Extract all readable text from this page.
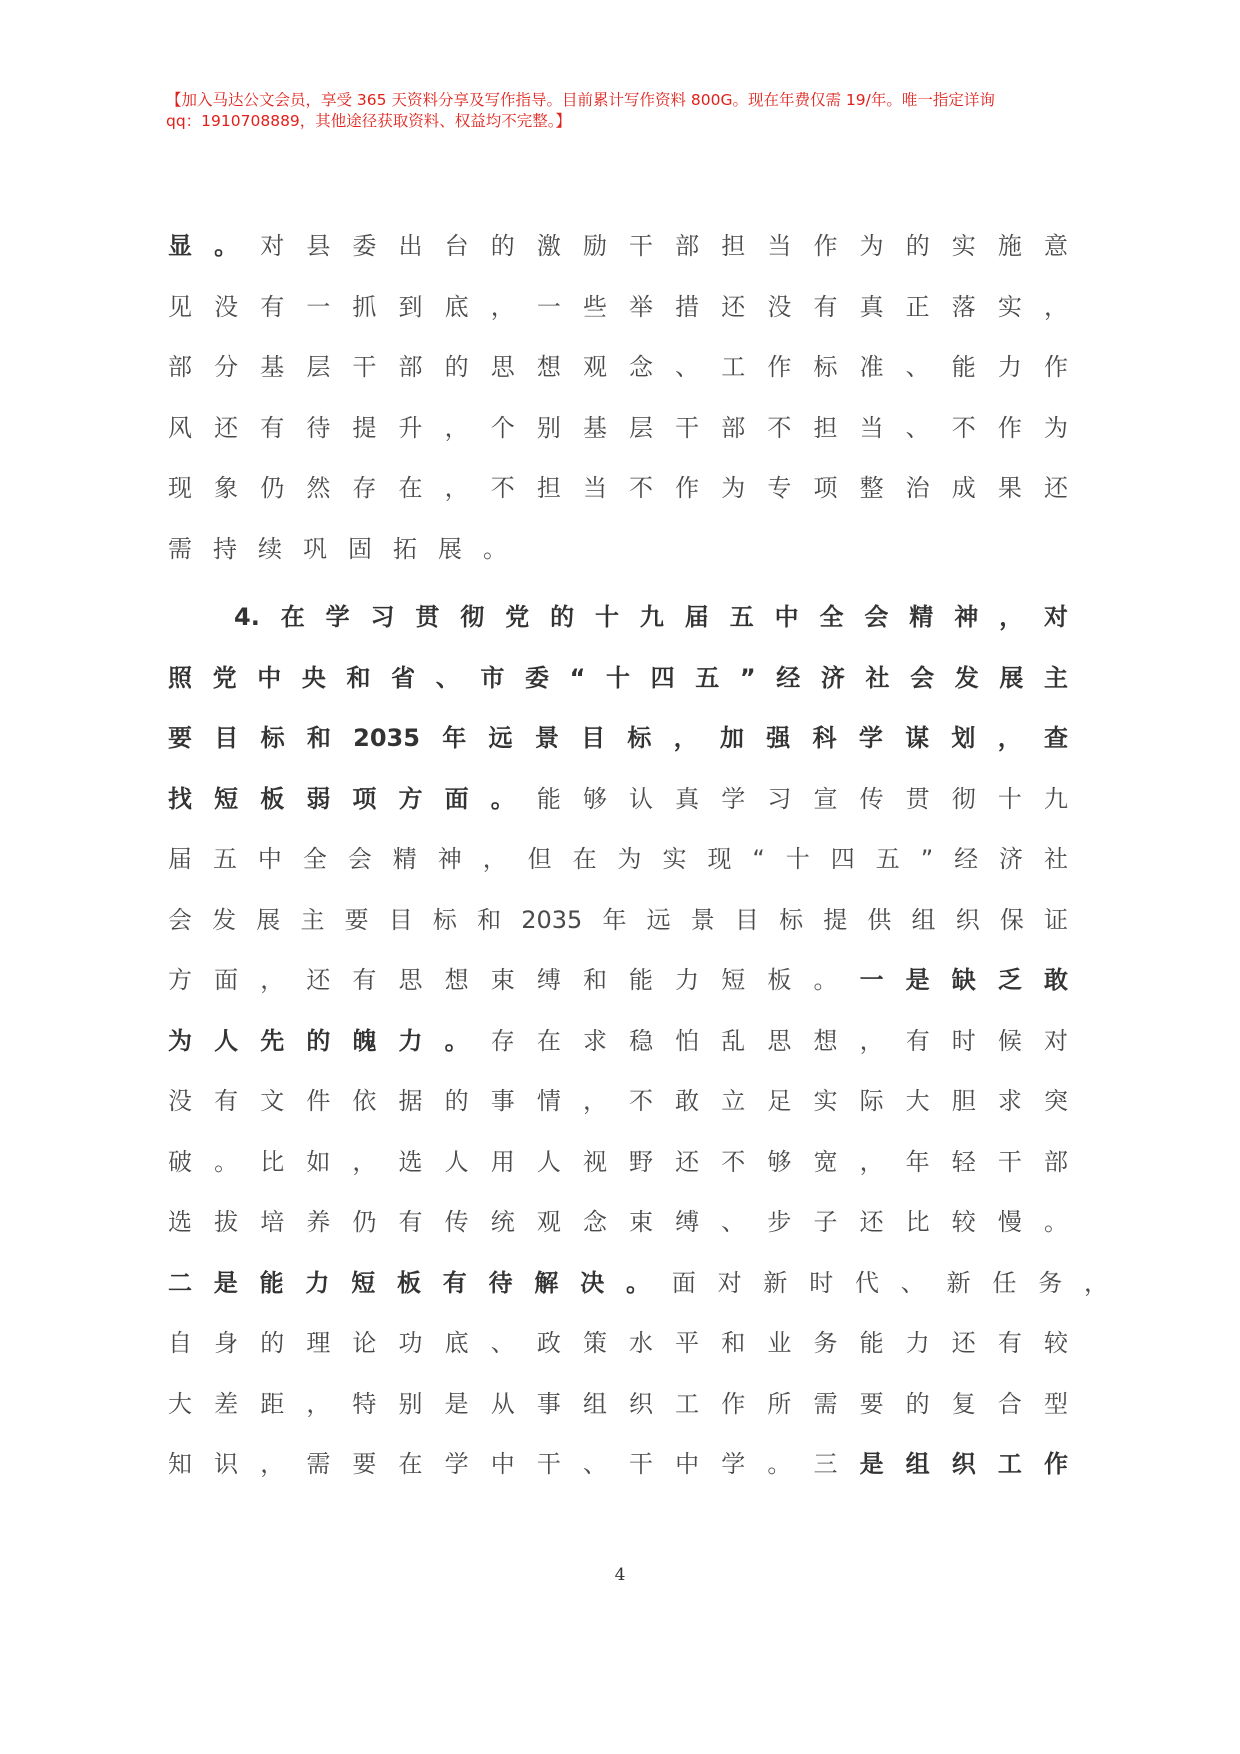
【加入马达公文会员，享受 365 天资料分享及写作指导。目前累计写作资料 800G。现在年费仅需 19/年。唯一指定详询
qq：1910708889，其他途径获取资料、权益均不完整。】
显。对县委出台的激励干部担当作为的实施意
见没有一抓到底，一些举措还没有真正落实，
部分基层干部的思想观念、工作标准、能力作
风还有待提升，个别基层干部不担当、不作为
现象仍然存在，不担当不作为专项整治成果还
需持续巩固拓展。
4.在学习贯彻党的十九届五中全会精神，对
照党中央和省、市委“十四五”经济社会发展主
要目标和2035年远景目标，加强科学谋划，查
找短板弱项方面。能够认真学习宣传贯彻十九
届五中全会精神，但在为实现“十四五”经济社
会发展主要目标和2035年远景目标提供组织保证
方面，还有思想束缚和能力短板。一是缺乏敢
为人先的魄力。存在求稳怕乱思想，有时候对
没有文件依据的事情，不敢立足实际大胆求突
破。比如，选人用人视野还不够宽，年轻干部
选拔培养仍有传统观念束缚、步子还比较慢。
二是能力短板有待解决。面对新时代、新任务，
自身的理论功底、政策水平和业务能力还有较
大差距，特别是从事组织工作所需要的复合型
知识，需要在学中干、干中学。三是组织工作
4
